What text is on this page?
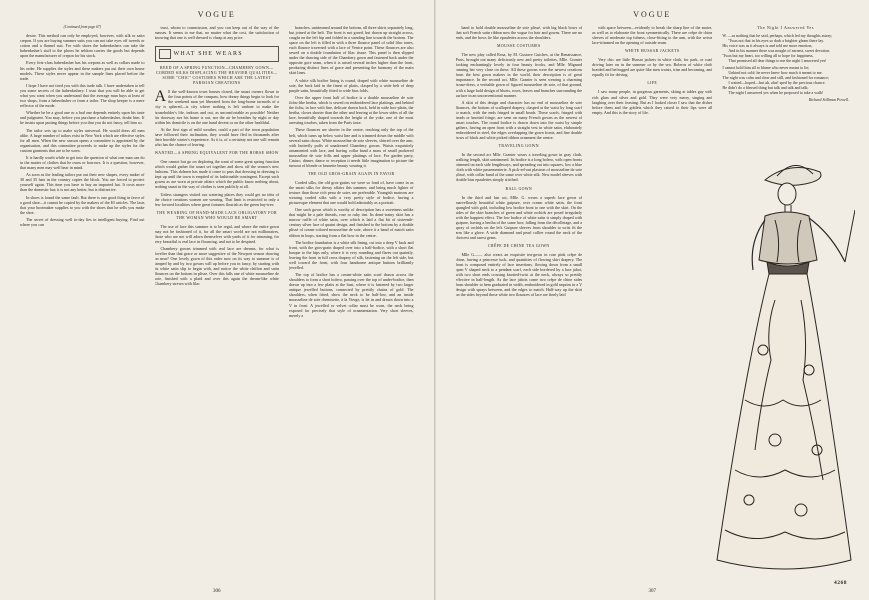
VOGUE
(Continued from page 67)

desire. This method can only be employed, however, with silk or satin crepon. If you are buying summer suits you can not take eyes off tweeds or cotton and a flannel suit. For with shoes the haberdashers can take the haberdasher's stuff to the places he seldom carries the goods but depends upon the manufacturer of crepon for his stock.

Every first-class haberdasher has his crepons as well as collars made to his order. He supplies the styles and these makers put out their own house models. These styles never appear in the sample lines placed before the trade.

I hope I have not tired you with this trade talk. I have undertaken to tell you some secrets of the haberdashery. I trust that you will be able to get what you want when you understand that the average man buys at least of two shops, from a haberdasher or from a tailor. The shop keeper is a mere reflector of the mode.

Whether he be a good one or a bad one depends entirely upon his taste and judgment. You may, before you purchase a haberdasher, doubt him. If he insists upon putting things before you that you do not fancy, tell him so.

The tailor sets up to make styles universal. He would dress all men alike. A large number of tailors exist in New York which are effective styles for all men. When the new season opens a committee is appointed by the organisation, and this committee proceeds to make up the styles for the custom garments that are to be worn.

It is hardly worth while to get into the question of what one man can do in the matter of clothes that he owns or borrows. It is a question, however, that many men may well bear in mind.

As soon as the leading tailors put out their new shapes, every maker of 30 and 35 hats in the country copies the block. You are forced to protect yourself again. This time you have to buy an imported hat. It costs more than the domestic hat; it is not any better, but is distinctive.

In shoes is found the same fault. But there is one good thing in favor of a good shoe—it cannot be copied by the makers of the $3 articles. The lasts that your bootmaker supplies to you with the shoes that he sells you make the shoe.

The secret of dressing well to-day lies in intelligent buying. Find out where you can

trust, whom to commission, and you can keep out of the way of the masses. It seems to me that, no matter what the cost, the satisfaction of knowing that one is well dressed is cheap at any price.

WHAT SHE WEARS
REED OF A SPRING FUNCTION—CHAMBERY GOWN—CORDED SILKS DISPLACING THE HEAVIER QUALITIES—SOME "CHIC" COSTUMES WHICH ARE THE LATEST PARISIAN CREATIONS

All the well-known town houses closed, the smart owners flown to the four points of the compass, how dreary things begin to look for the weekend man yet liberated from the long-home turmoils of a city is sphered—is city where nothing is left undone to make the householder's life, indoors and out, as uncomfortable as possible! Neither his doorway nor his home is out, nor the air he breathes by night or day within his domicile is on the one hand decent or on the other healthful.

At the first sign of mild weather, could a part of the town population have followed their inclination, they would have fled in thousands after their horrible winter's experience. As it is, of a certainty not one will remain who has the chance of leaving.

WANTED—A SPRING EQUIVALENT FOR THE HORSE SHOW

One cannot but go on deploring the want of some great spring function which would gather the smart set together and show off the season's new fashions. This dolmen has made it come to pass that dressing in dressing is kept up until the town is emptied of its fashionable contingent. Except such gowns as are worn at private affairs which the public know nothing about, nothing smart in the way of clothes is seen publicly at all.

Unless strangers visited our watering places they could get no idea of the choice creations women are wearing. That limit is restricted to only a few favored localities where great fortunes flourish as the green bay-tree.

THE WEARING OF HAND-MADE LACE OBLIGATORY FOR THE WOMAN WHO WOULD BE SMART

The use of lace this summer is to be regal, and where the entire gown may not be fashioned of it, for all the smart world are not millionaires, those who are not will adorn themselves with yards of it for trimming, for very beautiful is real lace in flouncing, and not to be despised.

Chambery gowns trimmed with real lace are dreams, for what is lovelier than that grace or more suggestive of the Newport season drawing on near? One lovely gown of this order now on its way to summer is of tamped by and by two gowns will up before you in fancy, by starting with its white satin slip to begin with, and notice the white chiffon and satin flounces on the bottom in plisse. Over this falls one of white mousseline de soie, finished with a plaid and over this again the dream-like white Chambery strewn with lilac

branches, untrimmed around the bottom, all three skirts separately long, but joined at the belt. The front is not gored, but drawn up straight across, caught on the left hip and folded in a standing line towards the bottom. The space on the left is filled in with a three flounce panel of solid lilac tones, each flounce traversed with a lace of Venice point. These flounces are also sewed on a double foundation of lilac tissue. This panel is then slipped under the drawing side of the Chambery gown and fastened back under the opposite gore seam, when it is raised several inches higher than the front, producing distinct lines of grace and presenting the harmony of the main skirt lines.

A white silk bodice lining is round, draped with white mousseline de soie, the back laid in the finest of plaits, clasped by a wide belt of deep purple satin, beautifully fitted to wide bias folds.

Over the upper front half of bodice is a double mousseline de soie fichu-like bertha, which is sewed on embroidered lace plaitings, and behind the fichu, in lace with fine, delicate drawn back, held in wide box-plaits, the bertha, closes shorter than the other and leaving at the lower sides of all the lace, beautifully draped towards the height of the yoke, one of the most arresting touches, taken from the Paris taste.

These flounces are shorter in the centre, reaching only the top of the belt, which turns up below waist line and is trimmed down the middle with several satin chous. White mousseline de soie sleeves, shirred over the arm, with butterfly puffs of unadorned Chambery gowns. Waists exquisitely ornamented with lace, and having collar band a mass of small puckered mousseline de soie frills and upper plaitings of lace. For garden party, Casino, dinner, dance or reception it needs little imagination to picture the turnout of blonde or brunette beauty wearing it.

THE OLD GROS-GRAIN AGAIN IN FAVOR

Corded silks, the old gros-grains we were so fond of, have come in as the smart silks for dressy affairs this summer, and being much lighter of texture than those rich peau de soies are preferable. Youngish matrons are wearing corded silks with a very pretty style of bodice, having a picturesque element that one would hold admirably as a portrait.

One such gown which is worthy of description has a sweetness unlike that might be a pale threads, rose or ruby tint. Its demi-trainy skirt has a narrow ruffle of white satin, over which is laid a flat bit of sixteenth-century silver lace of quaint design, and finished to the bottom by a double plissé of cream-colored mousseline de soie, above it a band of match satin ribbon in loops, starting from a flat bow in the centre.

The bodice foundation is a white silk lining, cut into a deep V back and front, with the gros-grain draped over into a half-bodice, with a short flat basque to the hips only, where it is very rounding and flares out quaintly, leaving the front in full cross drapery of silk, fastening on the left side, but well toward the front, with four handsome antique buttons brilliantly jewelled.

The top of bodice has a cream-white satin scarf drawn across the shoulders to form a short bolero, passing over the top of under-bodice, then drawn up into a few plaits at the bust, where it is fastened by two larger antique jewelled buttons, connected by prettily chains of gold. The shoulders, when fitted, show the neck to be half-low, and an inside mousseline de soie chemisette, à la Vierge, is let in and drawn down into a V in front. A jewelled or velvet collar must be worn, the neck being exposed for precisely that style of ornamentation. Very short sleeves, merely a

306
VOGUE

band to hold double mousseline de soie plissé, with big black bows of that soft French satin ribbon now the vogue for hair and gowns. There are no ends, and the bows lie like epaulettes across the shoulders.

MOUSSE COSTUMES

The new play called Rosa, by M. Gustave Guiches, at the Renaissance, Paris, brought out many deliciously new and pretty toilettes, Mlle. Granier looking enchantingly lovely in four beauty frocks, and Mlle. Mignard running her very close on these. All these gowns were the newest creations from the best gown makers in the world, their description is of great importance. In the second act, Mlle. Granier is seen wearing a charming house-dress, a veritable gown of figured mousseline de soie, of that ground, with a large bold design of bluets, roses, leaves and branches surrounding the surface in an unconventional manner.

A skirt of this design and character has no end of mousseline de soie flounces, the bottom of scalloped drapery, clasped at the waist by long scarf to match, with the ends fringed in small beads. These scarfs, fringed with beads or knotted fringe, are seen on many French gowns as the newest of smart touches. The round bodice is drawn down into the waist by simple gathers, having an open front with a straight vest in white satin, elaborately embroidered in steel, the edges overlapping the gown fronts, and fine double bows of black and white picked ribbon ornament the centre.

TRAVELING GOWN

In the second act Mlle. Granier wears a traveling gown in gray cloth, walking length, skirt untrimmed. Its bodice is a long bolero, with open fronts trimmed on each side lengthways, and spreading out into squares, low a blue cloth with white passementerie. A pick-ed-out plastron of mousseline de soie plissé, with collar band of the same over white silk. New model sleeves with double bias epaulettes simply stitched.

BALL GOWN

In the third and last act, Mlle. G. wears a superb lace gown of marvellously beautiful white guipure, over cream white satin, the front spangled with gold, including low bodice front to one with the skirt. On the sides of the skirt branches of green and white orchids are posed irregularly with the happiest effect. The low bodice of white satin is simply draped with guipure, having a bertha of the same lace, falling from the décolletage, and a spray of orchids on the left. Guipure sleeves from shoulder to wrist fit the arm like a glove. A wide diamond and pearl collier round the neck of the choicest and rarest gems.

CRÊPE DE CHINE TEA GOWN

Mlle G—— also wears an exquisite tea-gown in rose pink crêpe de chine, having a princesse tuck, and quantities of flowing skirt drapery. The front is composed entirely of lace insertions, flowing down from a small open V shaped neck to a pendant scarf, each side bordered by a lace jabot, with two short ends crossing knotted-twist at the neck, always so prettily effective in half-length. As the lace jabots come two crêpe de chine sides from shoulder to hem graduated in width, embroidered in gold sequins in a V design with sprays between, and the edges to match. Half-way up the skirt on the sides beyond those white two flounces of lace are finely laid

with space between—evidently to break the sharp line of the moire, as well as to elaborate the front symmetrically. There are crêpe de chine sleeves of moderate top fulness, close-fitting to the arm, with the wrists lace-trimmed on the opening of outside seam.

WHITE HUSSAR JACKETS

Very chic are little Hussar jackets in white cloth, for park, or road driving later on in the summer or by the sea. Boleros of white cloth braided and befrogged are quite like men waists, trim and becoming, and equally fit for driving.

LIFE

I saw many people, in gorgeous garments, skiing at tables gay with rich glass and silver and gold. They were very merry, singing and laughing over their feasting. But as I looked closer I saw that the dishes before them and the goblets which they raised to their lips were all empty. And this is the story of life.

The Night I Answered Yes
W. —as nothing that he said, perhaps, which led my thoughts astray;
'Twas not that in his eyes so dark a brighter gleam there lay.
His voice was as it always is and told me more emotion,
And in his manner there was nought of earnest, sweet devotion.
'Twas but my heart, too willing all to hope for happiness,
That promised all dear things to me the night I answered yes!
I cannot hold him all to blame who never meant to lie;
Unkind not cold; he never knew how much it meant to me.
The night was calm and clear and still, and fashioned for romance;
I waited—hoped—but ah, alas! sped by the precious chance.
He didn't do a blessed thing but talk and talk and talk;
The night I answered yes when he proposed to take a walk!
Richard Stillman Powell.
4268
307
